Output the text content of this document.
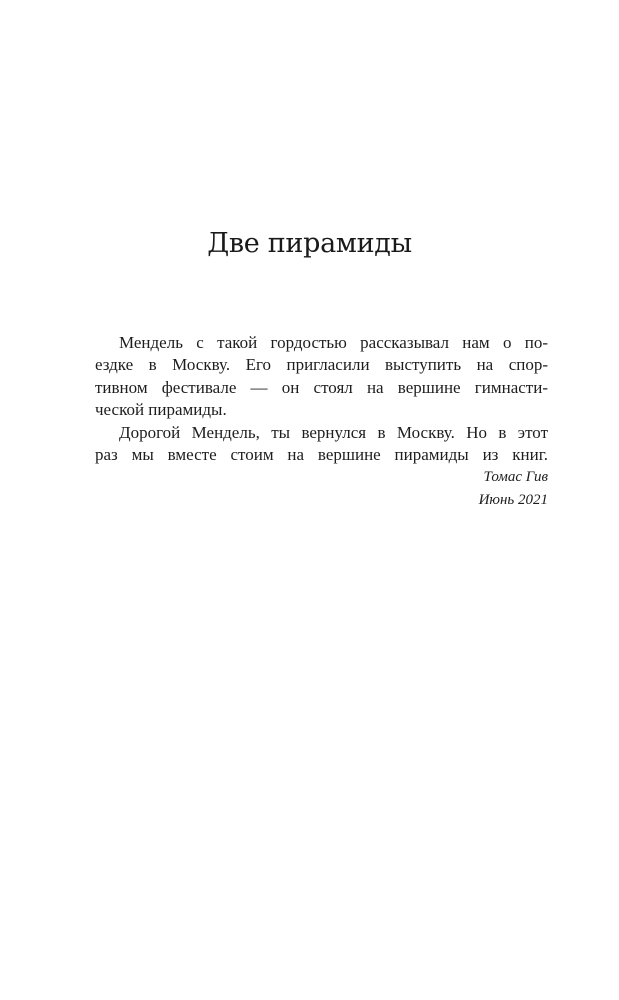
Две пирамиды
Мендель с такой гордостью рассказывал нам о по-
ездке в Москву. Его пригласили выступить на спор-
тивном фестивале — он стоял на вершине гимнасти-
ческой пирамиды.
Дорогой Мендель, ты вернулся в Москву. Но в этот
раз мы вместе стоим на вершине пирамиды из книг.
Томас Гив
Июнь 2021
